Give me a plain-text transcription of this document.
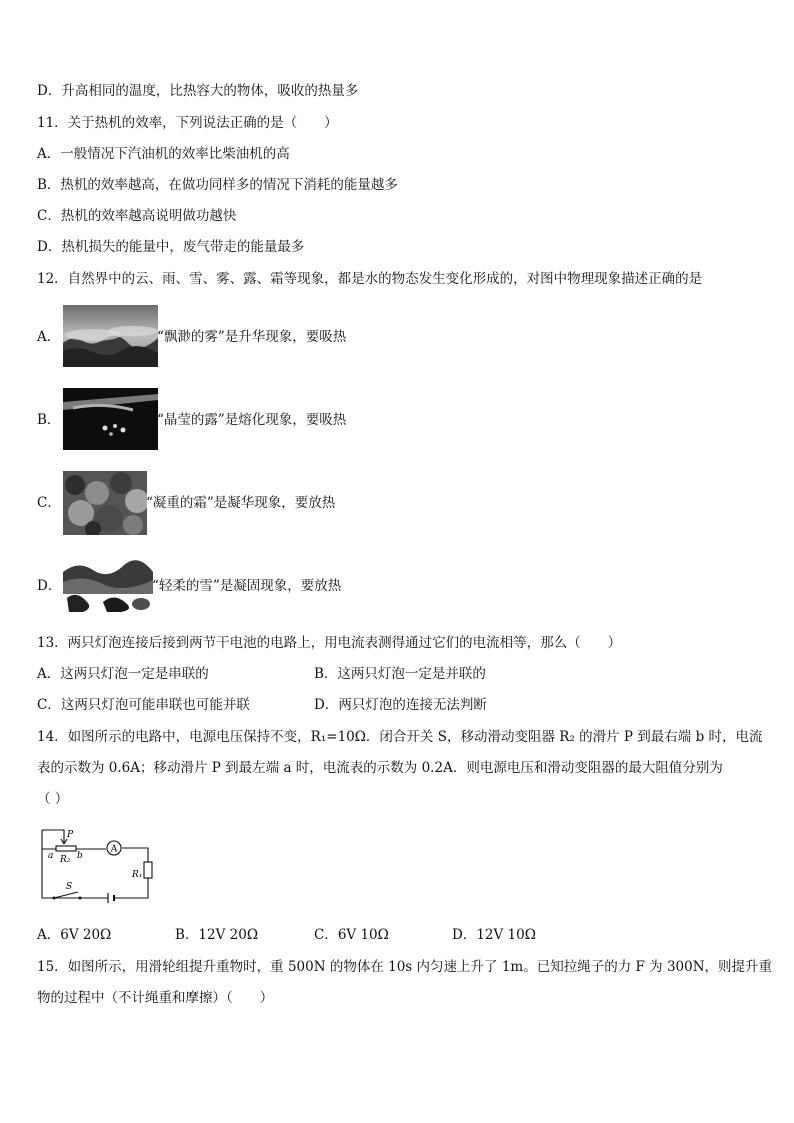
D．升高相同的温度，比热容大的物体，吸收的热量多
11．关于热机的效率，下列说法正确的是（　　）
A．一般情况下汽油机的效率比柴油机的高
B．热机的效率越高，在做功同样多的情况下消耗的能量越多
C．热机的效率越高说明做功越快
D．热机损失的能量中，废气带走的能量最多
12．自然界中的云、雨、雪、雾、露、霜等现象，都是水的物态发生变化形成的，对图中物理现象描述正确的是
A．	“飘渺的雾”是升华现象，要吸热
B．	“晶莹的露”是熔化现象，要吸热
C．	“凝重的霜”是凝华现象，要放热
D．	“轻柔的雪”是凝固现象，要放热
13．两只灯泡连接后接到两节干电池的电路上，用电流表测得通过它们的电流相等，那么（　　）
A．这两只灯泡一定是串联的	B．这两只灯泡一定是并联的
C．这两只灯泡可能串联也可能并联	D．两只灯泡的连接无法判断
14．如图所示的电路中，电源电压保持不变，R₁=10Ω．闭合开关 S，移动滑动变阻器 R₂ 的滑片 P 到最右端 b 时，电流
表的示数为 0.6A；移动滑片 P 到最左端 a 时，电流表的示数为 0.2A．则电源电压和滑动变阻器的最大阻值分别为
（ ）
A
R₁
S
P
a	b
R₂
A．6V 20Ω	B．12V 20Ω	C．6V 10Ω	D．12V 10Ω
15．如图所示，用滑轮组提升重物时，重 500N 的物体在 10s 内匀速上升了 1m。已知拉绳子的力 F 为 300N，则提升重
物的过程中（不计绳重和摩擦）（　　）
